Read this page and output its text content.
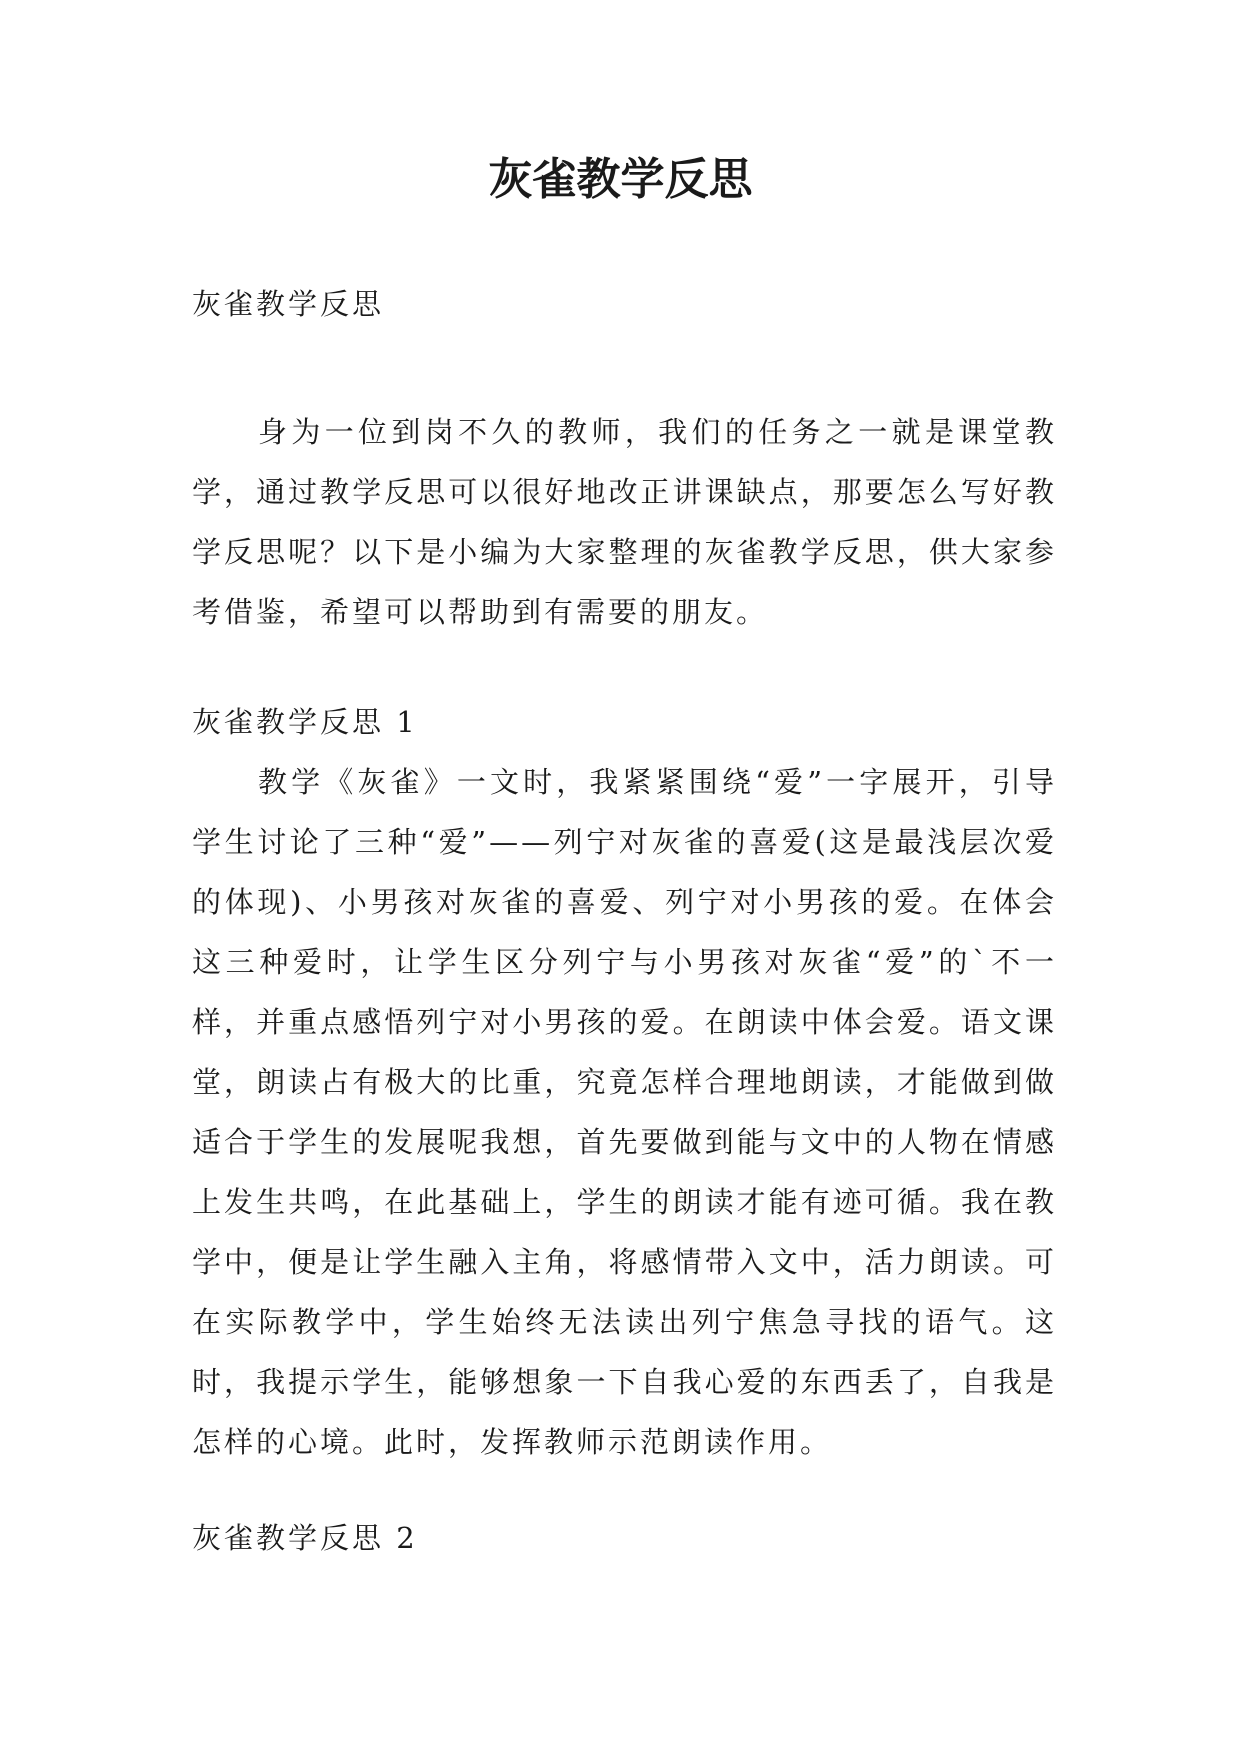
灰雀教学反思

灰雀教学反思

身为一位到岗不久的教师，我们的任务之一就是课堂教学，通过教学反思可以很好地改正讲课缺点，那要怎么写好教学反思呢？以下是小编为大家整理的灰雀教学反思，供大家参考借鉴，希望可以帮助到有需要的朋友。

灰雀教学反思 1

教学《灰雀》一文时，我紧紧围绕“爱”一字展开，引导学生讨论了三种“爱”——列宁对灰雀的喜爱(这是最浅层次爱的体现)、小男孩对灰雀的喜爱、列宁对小男孩的爱。在体会这三种爱时，让学生区分列宁与小男孩对灰雀“爱”的`不一样，并重点感悟列宁对小男孩的爱。在朗读中体会爱。语文课堂，朗读占有极大的比重，究竟怎样合理地朗读，才能做到做适合于学生的发展呢我想，首先要做到能与文中的人物在情感上发生共鸣，在此基础上，学生的朗读才能有迹可循。我在教学中，便是让学生融入主角，将感情带入文中，活力朗读。可在实际教学中，学生始终无法读出列宁焦急寻找的语气。这时，我提示学生，能够想象一下自我心爱的东西丢了，自我是怎样的心境。此时，发挥教师示范朗读作用。

灰雀教学反思 2
